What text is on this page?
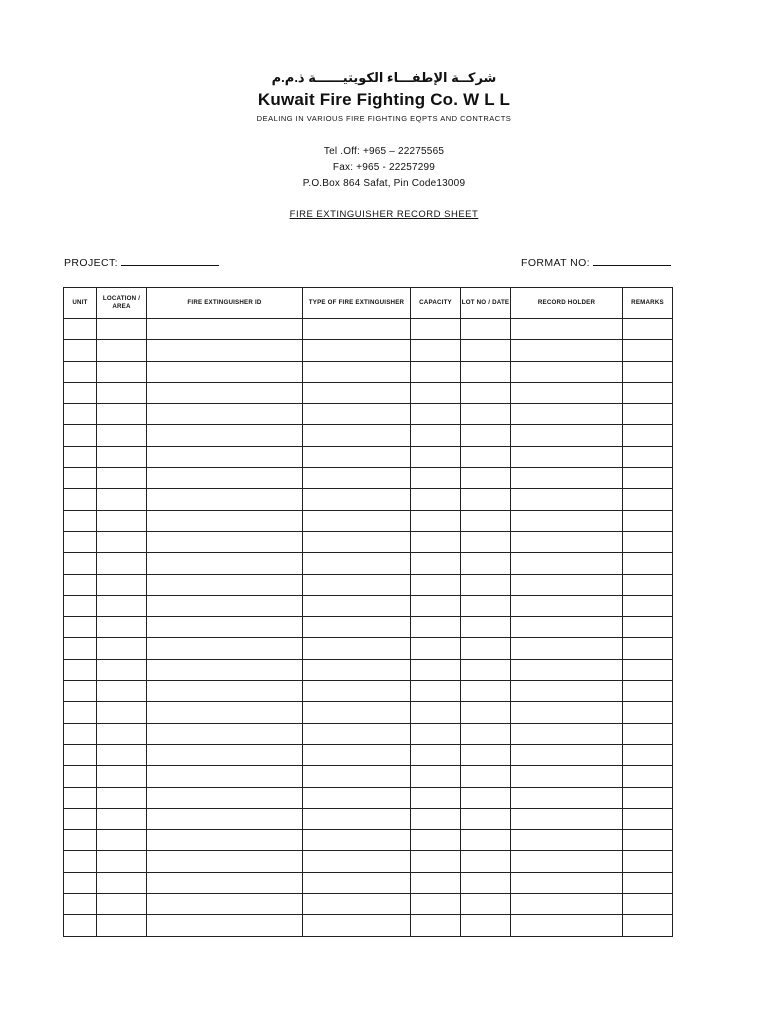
شركــة الإطفـــاء الكويتيــــــة ذ.م.م
Kuwait Fire Fighting Co. W L L
DEALING IN VARIOUS FIRE FIGHTING EQPTS AND CONTRACTS
Tel .Off: +965 – 22275565
Fax: +965 - 22257299
P.O.Box 864 Safat, Pin Code13009
FIRE EXTINGUISHER RECORD SHEET
PROJECT:	FORMAT NO:
UNIT	LOCATION / AREA	FIRE EXTINGUISHER ID	TYPE OF FIRE EXTINGUISHER	CAPACITY	LOT NO / DATE	RECORD HOLDER	REMARKS
